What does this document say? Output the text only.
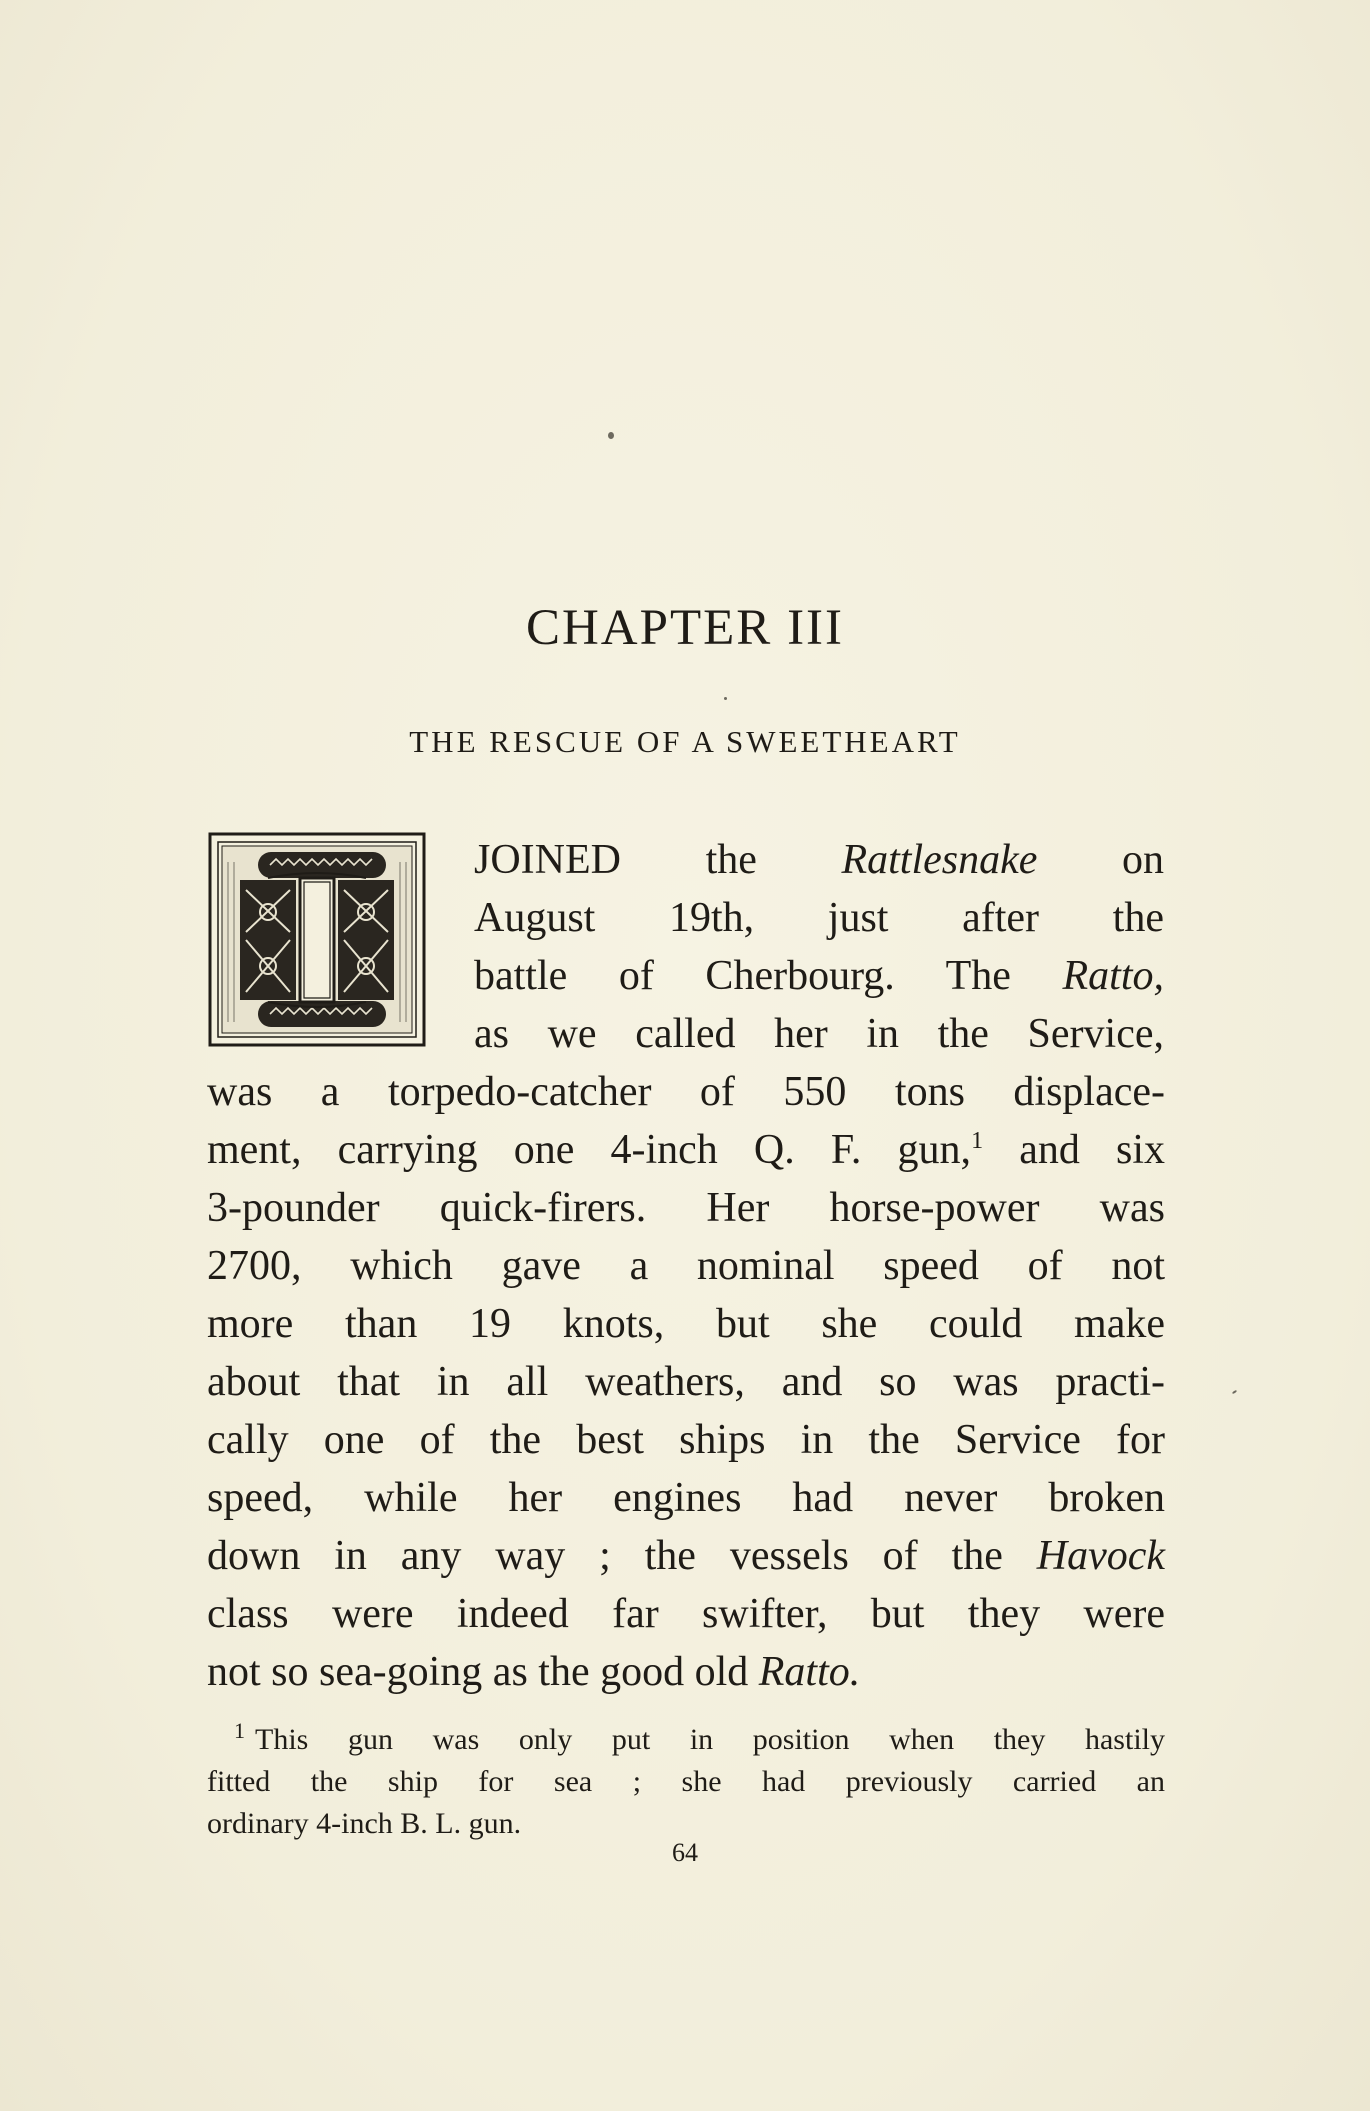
CHAPTER III
THE RESCUE OF A SWEETHEART
JOINED the Rattlesnake on
August 19th, just after the
battle of Cherbourg. The Ratto,
as we called her in the Service,
was a torpedo-catcher of 550 tons displace-
ment, carrying one 4-inch Q. F. gun,$^1$ and six
3-pounder quick-firers. Her horse-power was
2700, which gave a nominal speed of not
more than 19 knots, but she could make
about that in all weathers, and so was practi-
cally one of the best ships in the Service for
speed, while her engines had never broken
down in any way ; the vessels of the Havock
class were indeed far swifter, but they were
not so sea-going as the good old Ratto.
$^1$ This gun was only put in position when they hastily
fitted the ship for sea ; she had previously carried an
ordinary 4-inch B. L. gun.
64
